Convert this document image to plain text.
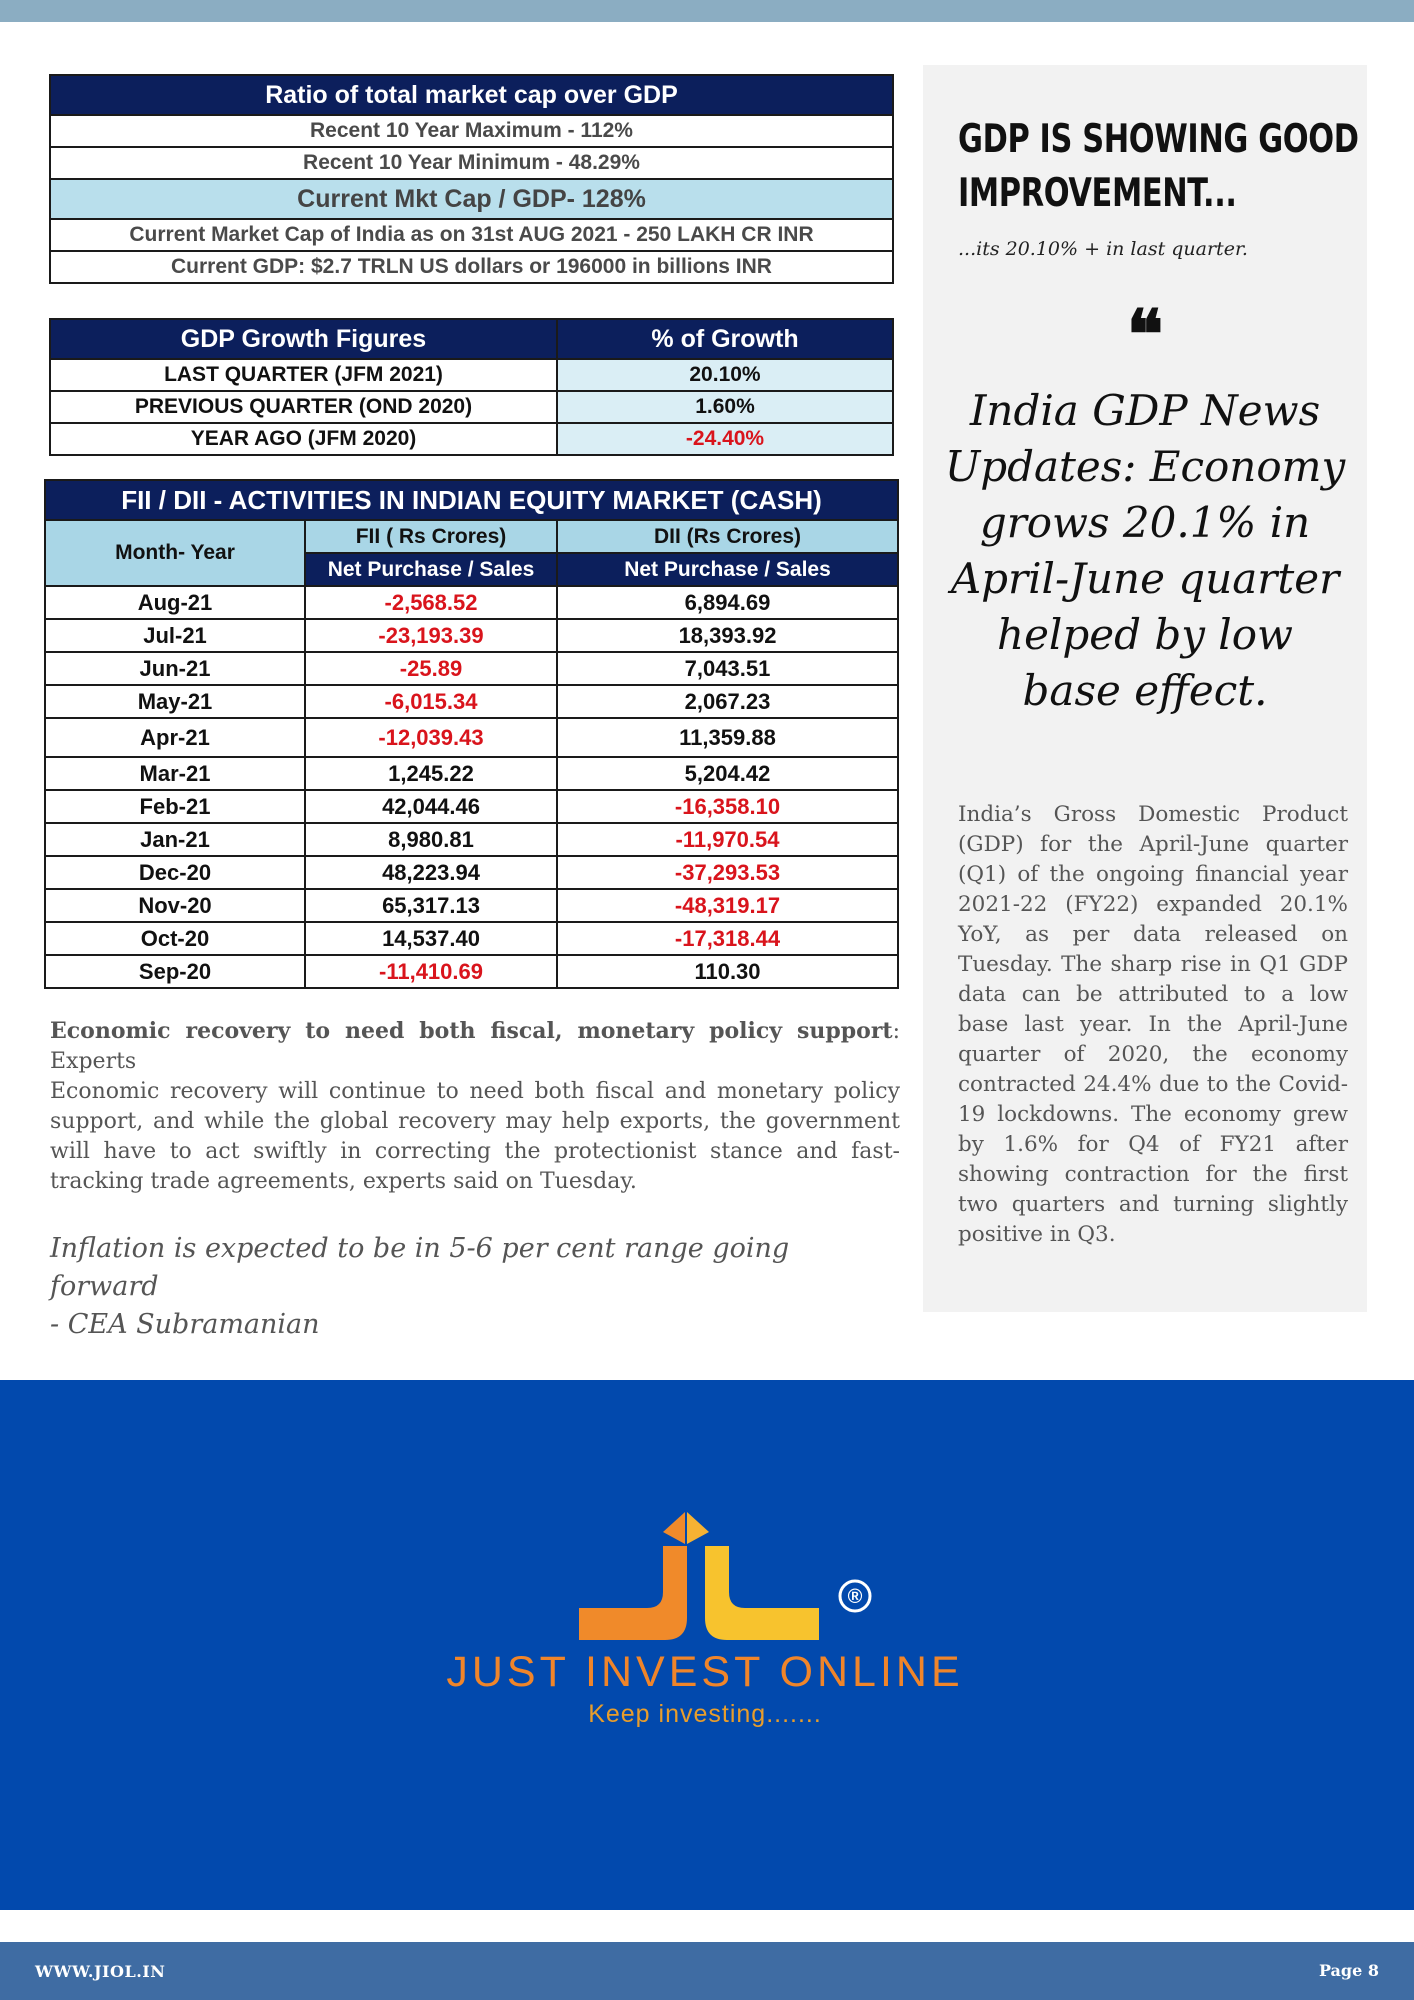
Ratio of total market cap over GDP
Recent 10 Year Maximum - 112%
Recent 10 Year Minimum - 48.29%
Current Mkt Cap / GDP- 128%
Current Market Cap of India as on 31st AUG 2021 - 250 LAKH CR INR
Current GDP: $2.7 TRLN US dollars or 196000 in billions INR
GDP Growth Figures	% of Growth
LAST QUARTER (JFM 2021)	20.10%
PREVIOUS QUARTER (OND 2020)	1.60%
YEAR AGO (JFM 2020)	-24.40%
FII / DII - ACTIVITIES IN INDIAN EQUITY MARKET (CASH)		
Month- Year	FII ( Rs Crores)	DII (Rs Crores)
	Net Purchase / Sales	Net Purchase / Sales
Aug-21	-2,568.52	6,894.69
Jul-21	-23,193.39	18,393.92
Jun-21	-25.89	7,043.51
May-21	-6,015.34	2,067.23
Apr-21	-12,039.43	11,359.88
Mar-21	1,245.22	5,204.42
Feb-21	42,044.46	-16,358.10
Jan-21	8,980.81	-11,970.54
Dec-20	48,223.94	-37,293.53
Nov-20	65,317.13	-48,319.17
Oct-20	14,537.40	-17,318.44
Sep-20	-11,410.69	110.30
Economic recovery to need both fiscal, monetary policy support: Experts
Economic recovery will continue to need both fiscal and monetary policy support, and while the global recovery may help exports, the government will have to act swiftly in correcting the protectionist stance and fast-tracking trade agreements, experts said on Tuesday.
Inflation is expected to be in 5-6 per cent range going forward
- CEA Subramanian
GDP IS SHOWING GOOD
IMPROVEMENT...
...its 20.10% + in last quarter.
❝
India GDP News Updates: Economy grows 20.1% in April-June quarter helped by low base effect.
India’s Gross Domestic Product (GDP) for the April-June quarter (Q1) of the ongoing financial year 2021-22 (FY22) expanded 20.1% YoY, as per data released on Tuesday. The sharp rise in Q1 GDP data can be attributed to a low base last year. In the April-June quarter of 2020, the economy contracted 24.4% due to the Covid-19 lockdowns. The economy grew by 1.6% for Q4 of FY21 after showing contraction for the first two quarters and turning slightly positive in Q3.
®
JUST INVEST ONLINE
Keep investing.......
WWW.JIOL.IN	Page 8
